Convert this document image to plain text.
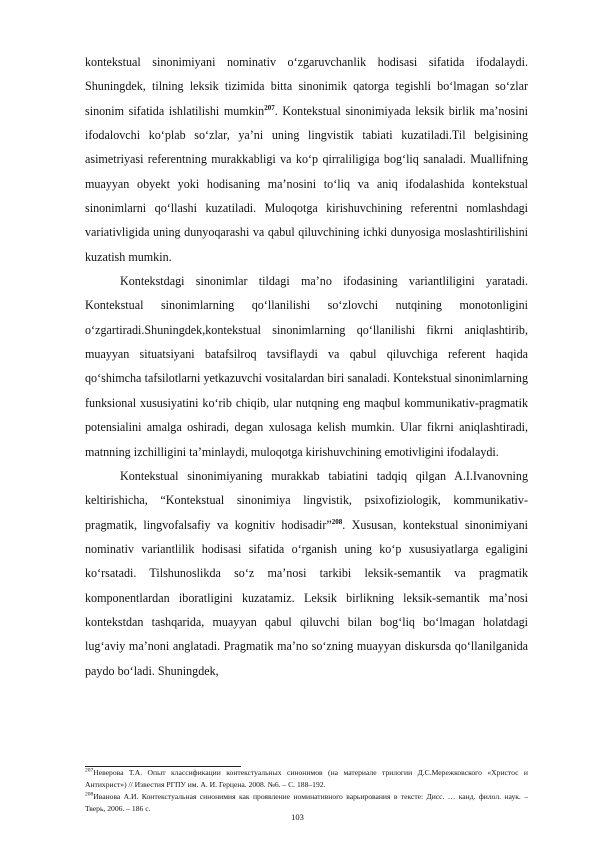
kontekstual sinonimiyani nominativ o‘zgaruvchanlik hodisasi sifatida ifodalaydi. Shuningdek, tilning leksik tizimida bitta sinonimik qatorga tegishli bo‘lmagan so‘zlar sinonim sifatida ishlatilishi mumkin$^{207}$. Kontekstual sinonimiyada leksik birlik ma’nosini ifodalovchi ko‘plab so‘zlar, ya’ni uning lingvistik tabiati kuzatiladi.Til belgisining asimetriyasi referentning murakkabligi va ko‘p qirraliligiga bog‘liq sanaladi. Muallifning muayyan obyekt yoki hodisaning ma’nosini to‘liq va aniq ifodalashida kontekstual sinonimlarni qo‘llashi kuzatiladi. Muloqotga kirishuvchining referentni nomlashdagi variativligida uning dunyoqarashi va qabul qiluvchining ichki dunyosiga moslashtirilishini kuzatish mumkin.

Kontekstdagi sinonimlar tildagi ma’no ifodasining variantliligini yaratadi. Kontekstual sinonimlarning qo‘llanilishi so‘zlovchi nutqining monotonligini o‘zgartiradi.Shuningdek,kontekstual sinonimlarning qo‘llanilishi fikrni aniqlashtirib, muayyan situatsiyani batafsilroq tavsiflaydi va qabul qiluvchiga referent haqida qo‘shimcha tafsilotlarni yetkazuvchi vositalardan biri sanaladi. Kontekstual sinonimlarning funksional xususiyatini ko‘rib chiqib, ular nutqning eng maqbul kommunikativ-pragmatik potensialini amalga oshiradi, degan xulosaga kelish mumkin. Ular fikrni aniqlashtiradi, matnning izchilligini ta’minlaydi, muloqotga kirishuvchining emotivligini ifodalaydi.

Kontekstual sinonimiyaning murakkab tabiatini tadqiq qilgan A.I.Ivanovning keltirishicha, “Kontekstual sinonimiya lingvistik, psixofiziologik, kommunikativ-pragmatik, lingvofalsafiy va kognitiv hodisadir”$^{208}$. Xususan, kontekstual sinonimiyani nominativ variantlilik hodisasi sifatida o‘rganish uning ko‘p xususiyatlarga egaligini ko‘rsatadi. Tilshunoslikda so‘z ma’nosi tarkibi leksik-semantik va pragmatik komponentlardan iboratligini kuzatamiz. Leksik birlikning leksik-semantik ma’nosi kontekstdan tashqarida, muayyan qabul qiluvchi bilan bog‘liq bo‘lmagan holatdagi lug‘aviy ma’noni anglatadi. Pragmatik ma’no so‘zning muayyan diskursda qo‘llanilganida paydo bo‘ladi. Shuningdek,

$^{207}$Неверова Т.А. Опыт классификации контекстуальных синонимов (на материале трилогии Д.С.Мережковского «Христос и Антихрист») // Известия РГПУ им. А. И. Герцена. 2008. №6. – С. 188–192.

$^{208}$Иванова А.И. Контекстуальная синонимия как проявление номинативного варьирования в тексте: Дисс. … канд. филол. наук. – Тверь, 2006. – 186 с.

103
